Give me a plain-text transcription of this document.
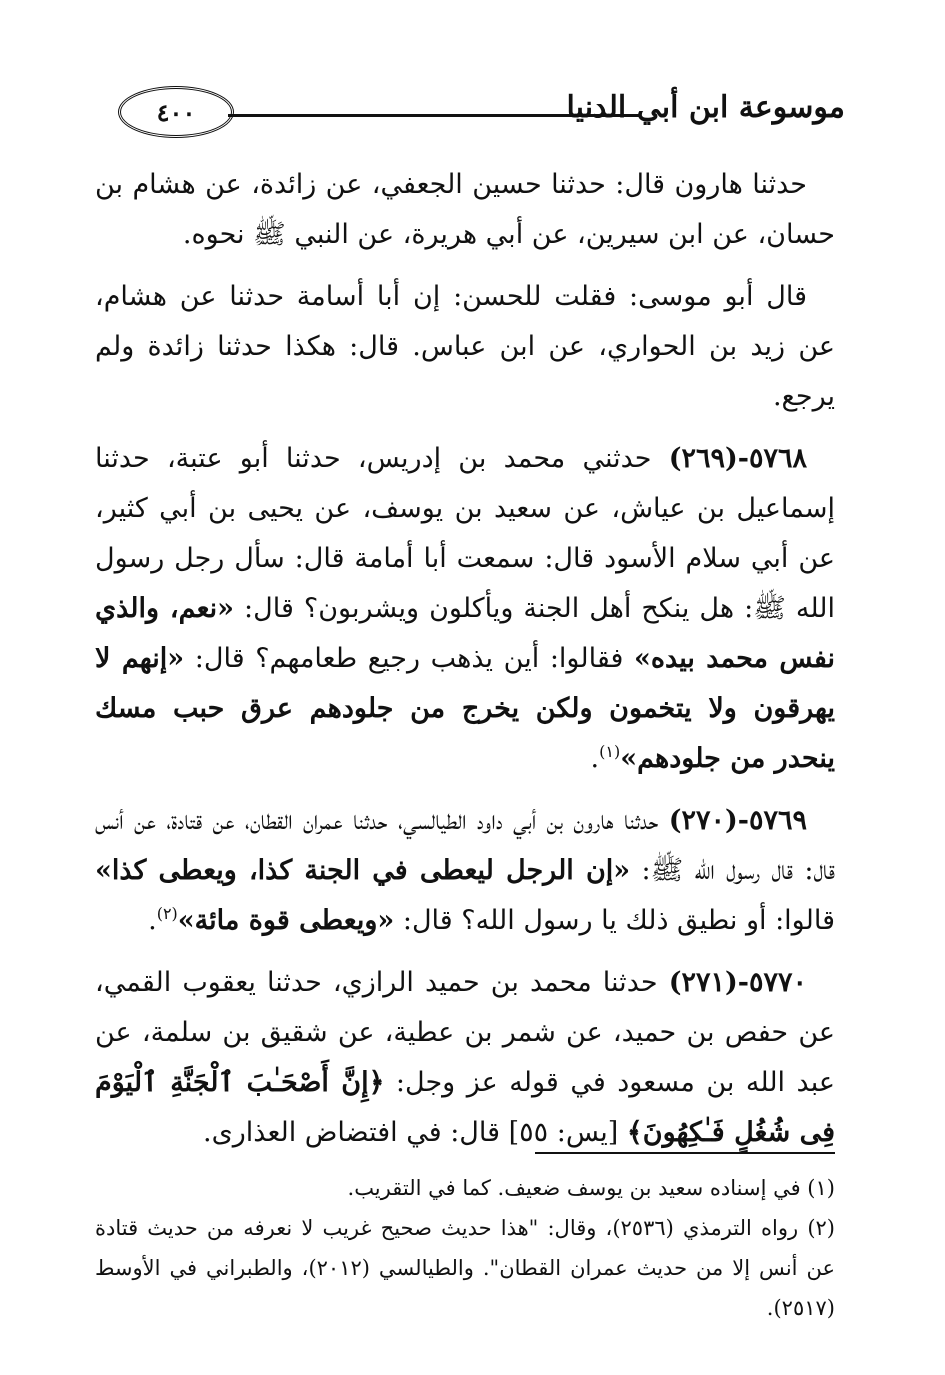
٤٠٠	موسوعة ابن أبي الدنيا

حدثنا هارون قال: حدثنا حسين الجعفي، عن زائدة، عن هشام بن حسان، عن ابن سيرين، عن أبي هريرة، عن النبي ﷺ نحوه.

قال أبو موسى: فقلت للحسن: إن أبا أسامة حدثنا عن هشام، عن زيد بن الحواري، عن ابن عباس. قال: هكذا حدثنا زائدة ولم يرجع.

٥٧٦٨-(٢٦٩) حدثني محمد بن إدريس، حدثنا أبو عتبة، حدثنا إسماعيل بن عياش، عن سعيد بن يوسف، عن يحيى بن أبي كثير، عن أبي سلام الأسود قال: سمعت أبا أمامة قال: سأل رجل رسول الله ﷺ: هل ينكح أهل الجنة ويأكلون ويشربون؟ قال: «نعم، والذي نفس محمد بيده» فقالوا: أين يذهب رجيع طعامهم؟ قال: «إنهم لا يهرقون ولا يتخمون ولكن يخرج من جلودهم عرق حبب مسك ينحدر من جلودهم»$^{(١)}$.

٥٧٦٩-(٢٧٠) حدثنا هارون بن أبي داود الطيالسي، حدثنا عمران القطان، عن قتادة، عن أنس قال: قال رسول الله ﷺ: «إن الرجل ليعطى في الجنة كذا، ويعطى كذا» قالوا: أو نطيق ذلك يا رسول الله؟ قال: «ويعطى قوة مائة»$^{(٢)}$.

٥٧٧٠-(٢٧١) حدثنا محمد بن حميد الرازي، حدثنا يعقوب القمي، عن حفص بن حميد، عن شمر بن عطية، عن شقيق بن سلمة، عن عبد الله بن مسعود في قوله عز وجل: ﴿إِنَّ أَصْحَـٰبَ ٱلْجَنَّةِ ٱلْيَوْمَ فِى شُغُلٍ فَـٰكِهُونَ﴾ [يس: ٥٥] قال: في افتضاض العذارى.

(١) في إسناده سعيد بن يوسف ضعيف. كما في التقريب.

(٢) رواه الترمذي (٢٥٣٦)، وقال: "هذا حديث صحيح غريب لا نعرفه من حديث قتادة عن أنس إلا من حديث عمران القطان". والطيالسي (٢٠١٢)، والطبراني في الأوسط (٢٥١٧).
